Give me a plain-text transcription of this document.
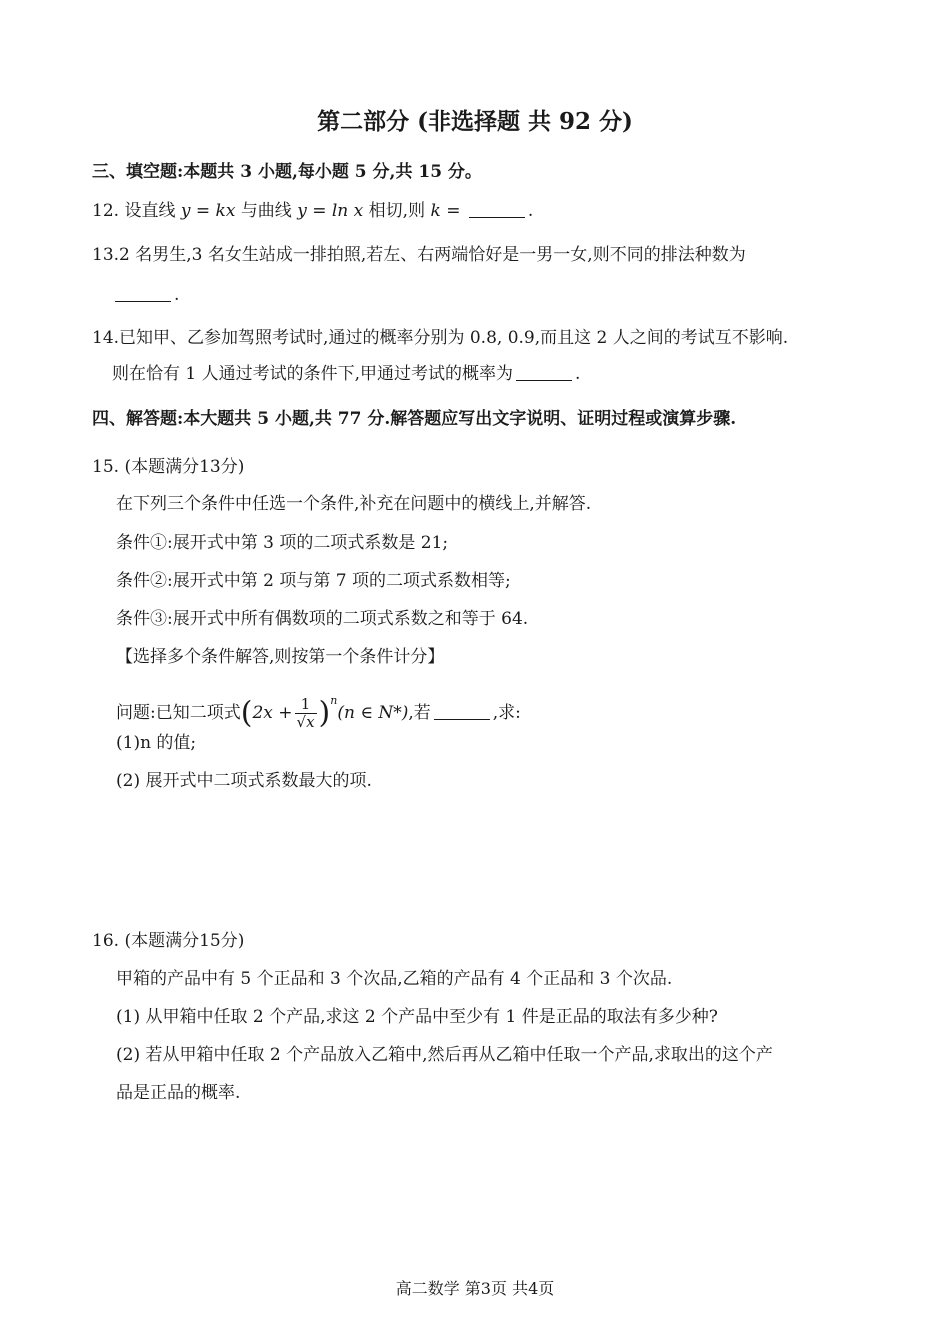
第二部分 (非选择题 共 92 分)
三、填空题:本题共 3 小题,每小题 5 分,共 15 分。
12. 设直线 y = kx 与曲线 y = ln x 相切,则 k =	.
13.2 名男生,3 名女生站成一排拍照,若左、右两端恰好是一男一女,则不同的排法种数为
.
14.已知甲、乙参加驾照考试时,通过的概率分别为 0.8, 0.9,而且这 2 人之间的考试互不影响.
则在恰有 1 人通过考试的条件下,甲通过考试的概率为	.
四、解答题:本大题共 5 小题,共 77 分.解答题应写出文字说明、证明过程或演算步骤.
15. (本题满分13分)
在下列三个条件中任选一个条件,补充在问题中的横线上,并解答.
条件①:展开式中第 3 项的二项式系数是 21;
条件②:展开式中第 2 项与第 7 项的二项式系数相等;
条件③:展开式中所有偶数项的二项式系数之和等于 64.
【选择多个条件解答,则按第一个条件计分】
问题:已知二项式$(2x + \frac{1}{√x} )^n(n$ ∈ N*),若	,求:
(1)n 的值;
(2) 展开式中二项式系数最大的项.
16. (本题满分15分)
甲箱的产品中有 5 个正品和 3 个次品,乙箱的产品有 4 个正品和 3 个次品.
(1) 从甲箱中任取 2 个产品,求这 2 个产品中至少有 1 件是正品的取法有多少种?
(2) 若从甲箱中任取 2 个产品放入乙箱中,然后再从乙箱中任取一个产品,求取出的这个产
品是正品的概率.
高二数学 第3页 共4页
